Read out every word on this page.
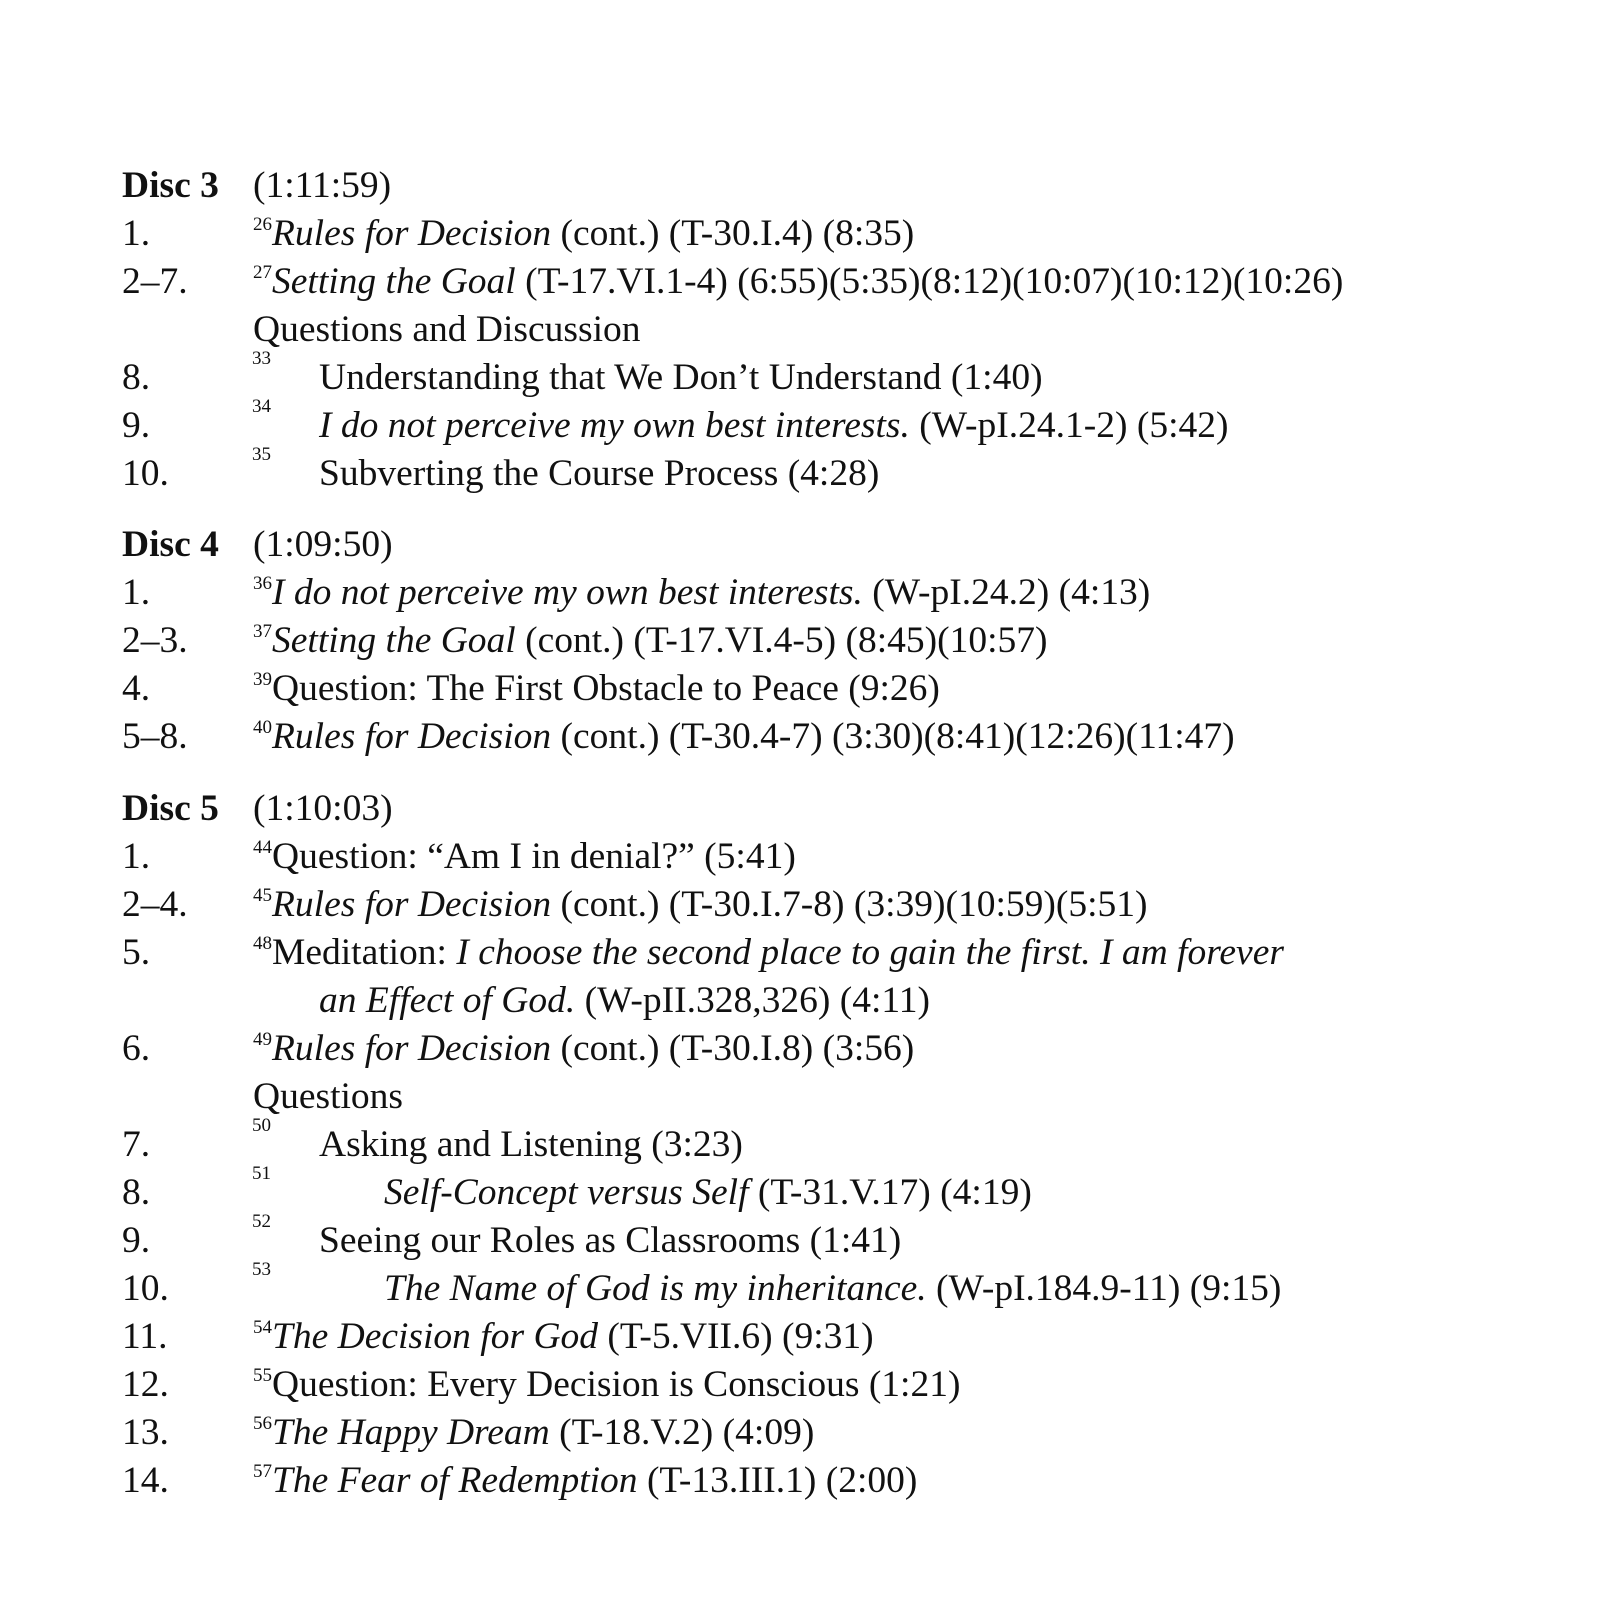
Disc 3 (1:11:59)
1.	$^{26}$Rules for Decision (cont.) (T-30.I.4) (8:35)
2–7.	$^{27}$Setting the Goal (T-17.VI.1-4) (6:55)(5:35)(8:12)(10:07)(10:12)(10:26)
Questions and Discussion
8.	33 Understanding that We Don’t Understand (1:40)
9.	34 I do not perceive my own best interests. (W-pI.24.1-2) (5:42)
10.	35 Subverting the Course Process (4:28)
Disc 4 (1:09:50)
1.	$^{36}$I do not perceive my own best interests. (W-pI.24.2) (4:13)
2–3.	$^{37}$Setting the Goal (cont.) (T-17.VI.4-5) (8:45)(10:57)
4.	$^{39}$Question: The First Obstacle to Peace (9:26)
5–8.	$^{40}$Rules for Decision (cont.) (T-30.4-7) (3:30)(8:41)(12:26)(11:47)
Disc 5 (1:10:03)
1.	$^{44}$Question: “Am I in denial?” (5:41)
2–4.	$^{45}$Rules for Decision (cont.) (T-30.I.7-8) (3:39)(10:59)(5:51)
5.	$^{48}$Meditation: I choose the second place to gain the first. I am forever
an Effect of God. (W-pII.328,326) (4:11)
6.	$^{49}$Rules for Decision (cont.) (T-30.I.8) (3:56)
Questions
7.	50 Asking and Listening (3:23)
8.	51	Self-Concept versus Self (T-31.V.17) (4:19)
9.	52 Seeing our Roles as Classrooms (1:41)
10.	53	The Name of God is my inheritance. (W-pI.184.9-11) (9:15)
11.	$^{54}$The Decision for God (T-5.VII.6) (9:31)
12.	$^{55}$Question: Every Decision is Conscious (1:21)
13.	$^{56}$The Happy Dream (T-18.V.2) (4:09)
14.	$^{57}$The Fear of Redemption (T-13.III.1) (2:00)
